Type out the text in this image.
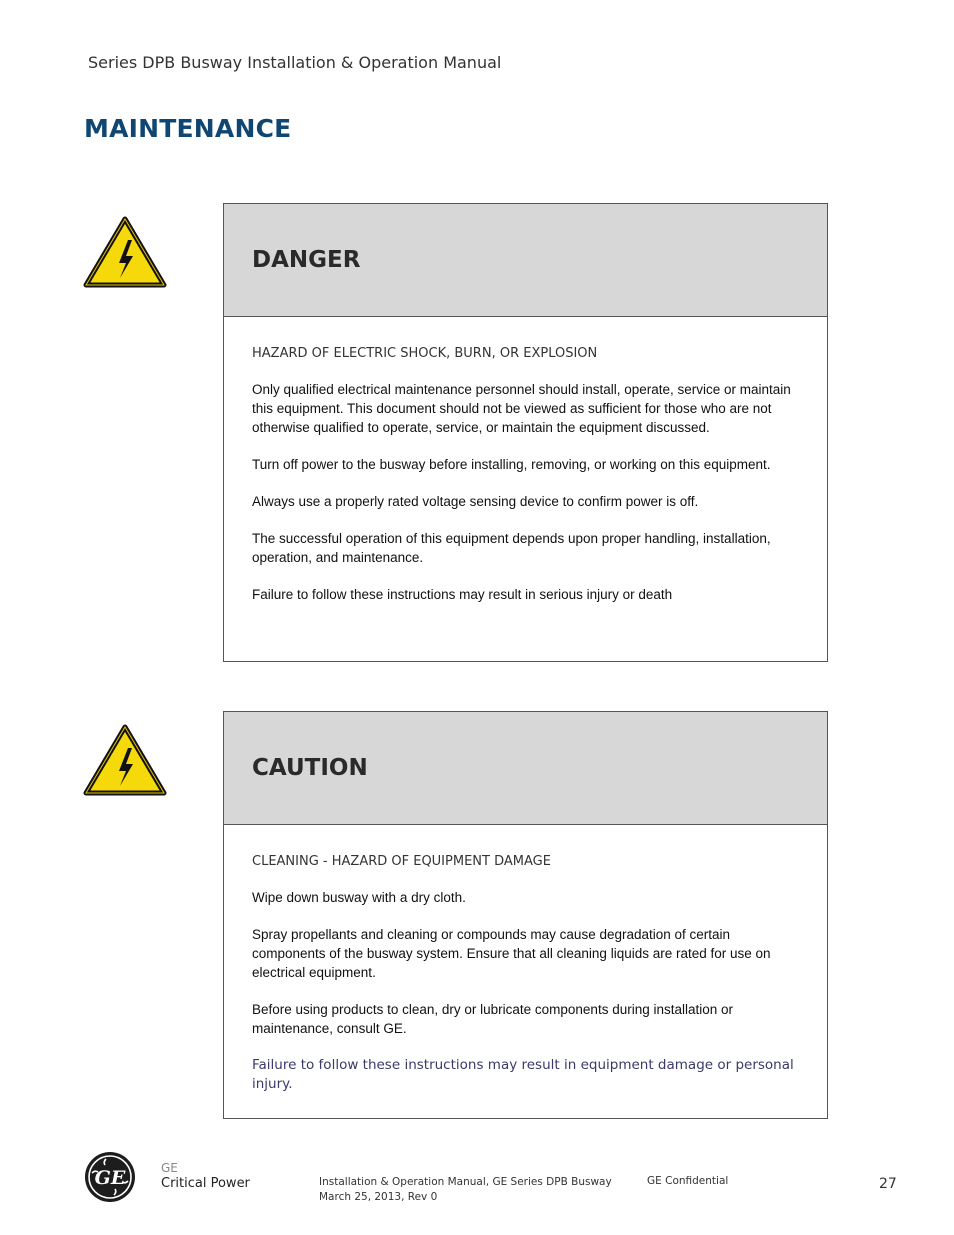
Series DPB Busway Installation & Operation Manual
MAINTENANCE
DANGER

HAZARD OF ELECTRIC SHOCK, BURN, OR EXPLOSION

Only qualified electrical maintenance personnel should install, operate, service or maintain this equipment. This document should not be viewed as sufficient for those who are not otherwise qualified to operate, service, or maintain the equipment discussed.

Turn off power to the busway before installing, removing, or working on this equipment.

Always use a properly rated voltage sensing device to confirm power is off.

The successful operation of this equipment depends upon proper handling, installation, operation, and maintenance.

Failure to follow these instructions may result in serious injury or death

CAUTION

CLEANING - HAZARD OF EQUIPMENT DAMAGE

Wipe down busway with a dry cloth.

Spray propellants and cleaning or compounds may cause degradation of certain components of the busway system. Ensure that all cleaning liquids are rated for use on electrical equipment.

Before using products to clean, dry or lubricate components during installation or maintenance, consult GE.

Failure to follow these instructions may result in equipment damage or personal injury.

GE	GE
Critical Power	Installation & Operation Manual, GE Series DPB Busway
March 25, 2013, Rev 0
GE Confidential	27
